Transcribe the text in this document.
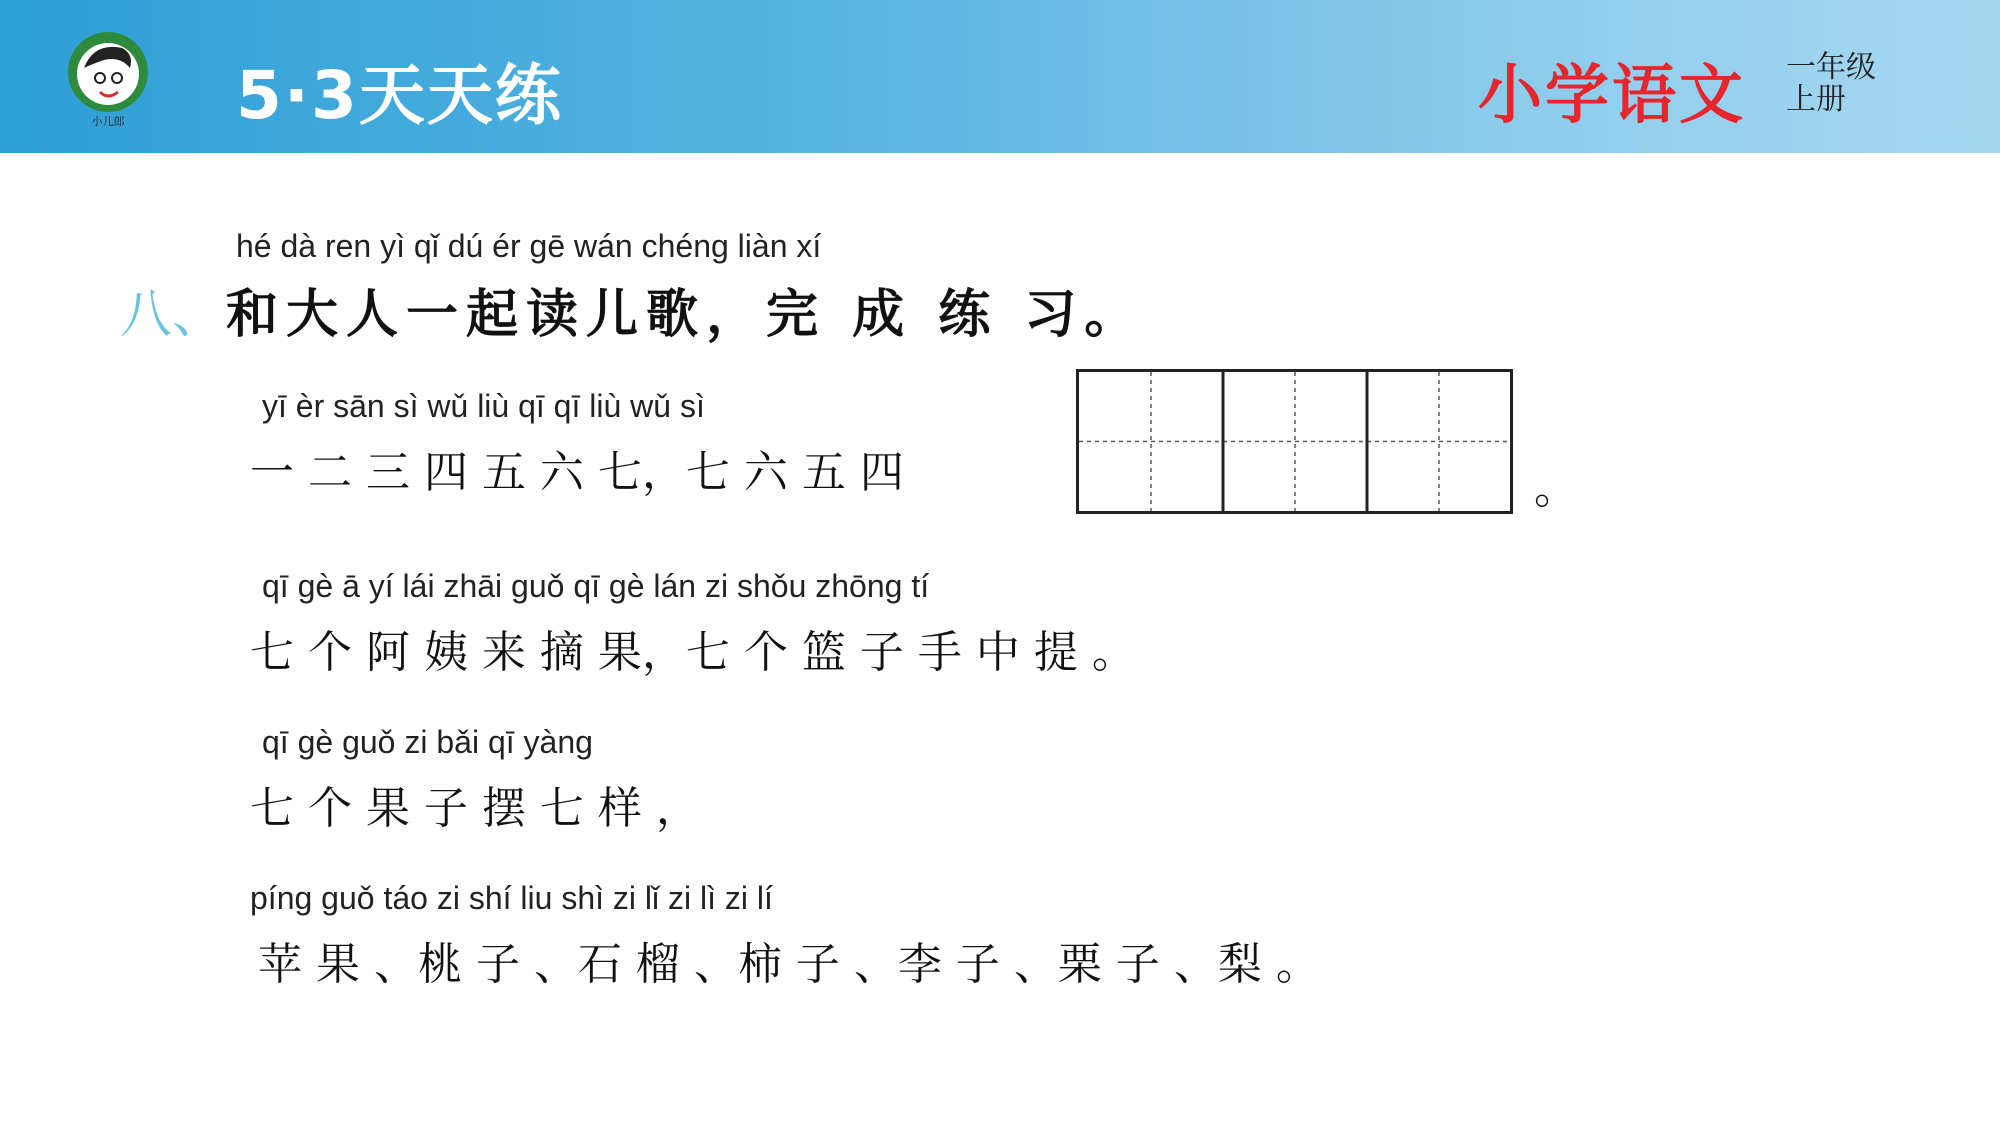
小儿郎 5·3天天练	小学语文 一年级
上册
hé dà ren yì qǐ dú ér gē wán chéng liàn xí
八、 和大人一起读儿歌，完 成 练 习。
yī èr sān sì wǔ liù qī qī liù wǔ sì
一 二 三 四 五 六 七，七 六 五 四	。
qī gè ā yí lái zhāi guǒ qī gè lán zi shǒu zhōng tí
七 个 阿 姨 来 摘 果，七 个 篮 子 手 中 提 。
qī gè guǒ zi bǎi qī yàng
七 个 果 子 摆 七 样 ，
píng guǒ táo zi shí liu shì zi lǐ zi lì zi lí
苹 果 、桃 子 、石 榴 、柿 子 、李 子 、栗 子 、梨 。
